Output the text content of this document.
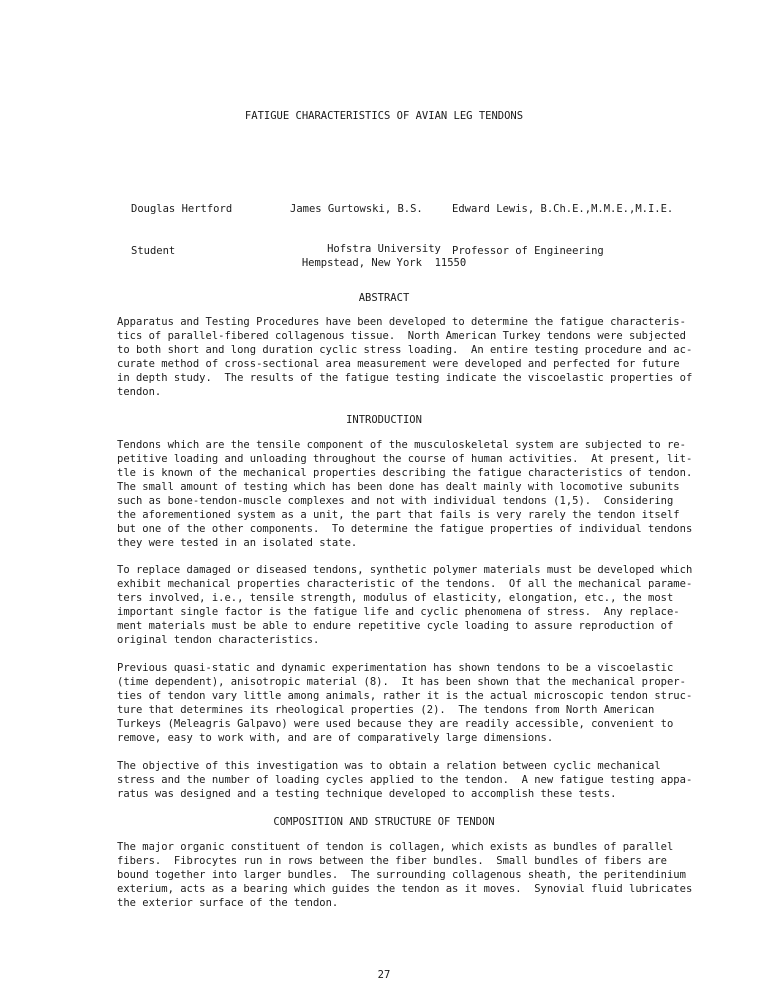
FATIGUE CHARACTERISTICS OF AVIAN LEG TENDONS

Douglas Hertford

Student

James Gurtowski, B.S.

	Edward Lewis, B.Ch.E.,M.M.E.,M.I.E.

Professor of Engineering

Hofstra University
Hempstead, New York  11550
ABSTRACT
Apparatus and Testing Procedures have been developed to determine the fatigue characteris-
tics of parallel-fibered collagenous tissue.  North American Turkey tendons were subjected
to both short and long duration cyclic stress loading.  An entire testing procedure and ac-
curate method of cross-sectional area measurement were developed and perfected for future
in depth study.  The results of the fatigue testing indicate the viscoelastic properties of
tendon.
INTRODUCTION
Tendons which are the tensile component of the musculoskeletal system are subjected to re-
petitive loading and unloading throughout the course of human activities.  At present, lit-
tle is known of the mechanical properties describing the fatigue characteristics of tendon.
The small amount of testing which has been done has dealt mainly with locomotive subunits
such as bone-tendon-muscle complexes and not with individual tendons (1,5).  Considering
the aforementioned system as a unit, the part that fails is very rarely the tendon itself
but one of the other components.  To determine the fatigue properties of individual tendons
they were tested in an isolated state.
To replace damaged or diseased tendons, synthetic polymer materials must be developed which
exhibit mechanical properties characteristic of the tendons.  Of all the mechanical parame-
ters involved, i.e., tensile strength, modulus of elasticity, elongation, etc., the most
important single factor is the fatigue life and cyclic phenomena of stress.  Any replace-
ment materials must be able to endure repetitive cycle loading to assure reproduction of
original tendon characteristics.
Previous quasi-static and dynamic experimentation has shown tendons to be a viscoelastic
(time dependent), anisotropic material (8).  It has been shown that the mechanical proper-
ties of tendon vary little among animals, rather it is the actual microscopic tendon struc-
ture that determines its rheological properties (2).  The tendons from North American
Turkeys (Meleagris Galpavo) were used because they are readily accessible, convenient to
remove, easy to work with, and are of comparatively large dimensions.
The objective of this investigation was to obtain a relation between cyclic mechanical
stress and the number of loading cycles applied to the tendon.  A new fatigue testing appa-
ratus was designed and a testing technique developed to accomplish these tests.
COMPOSITION AND STRUCTURE OF TENDON
The major organic constituent of tendon is collagen, which exists as bundles of parallel
fibers.  Fibrocytes run in rows between the fiber bundles.  Small bundles of fibers are
bound together into larger bundles.  The surrounding collagenous sheath, the peritendinium
exterium, acts as a bearing which guides the tendon as it moves.  Synovial fluid lubricates
the exterior surface of the tendon.
27
